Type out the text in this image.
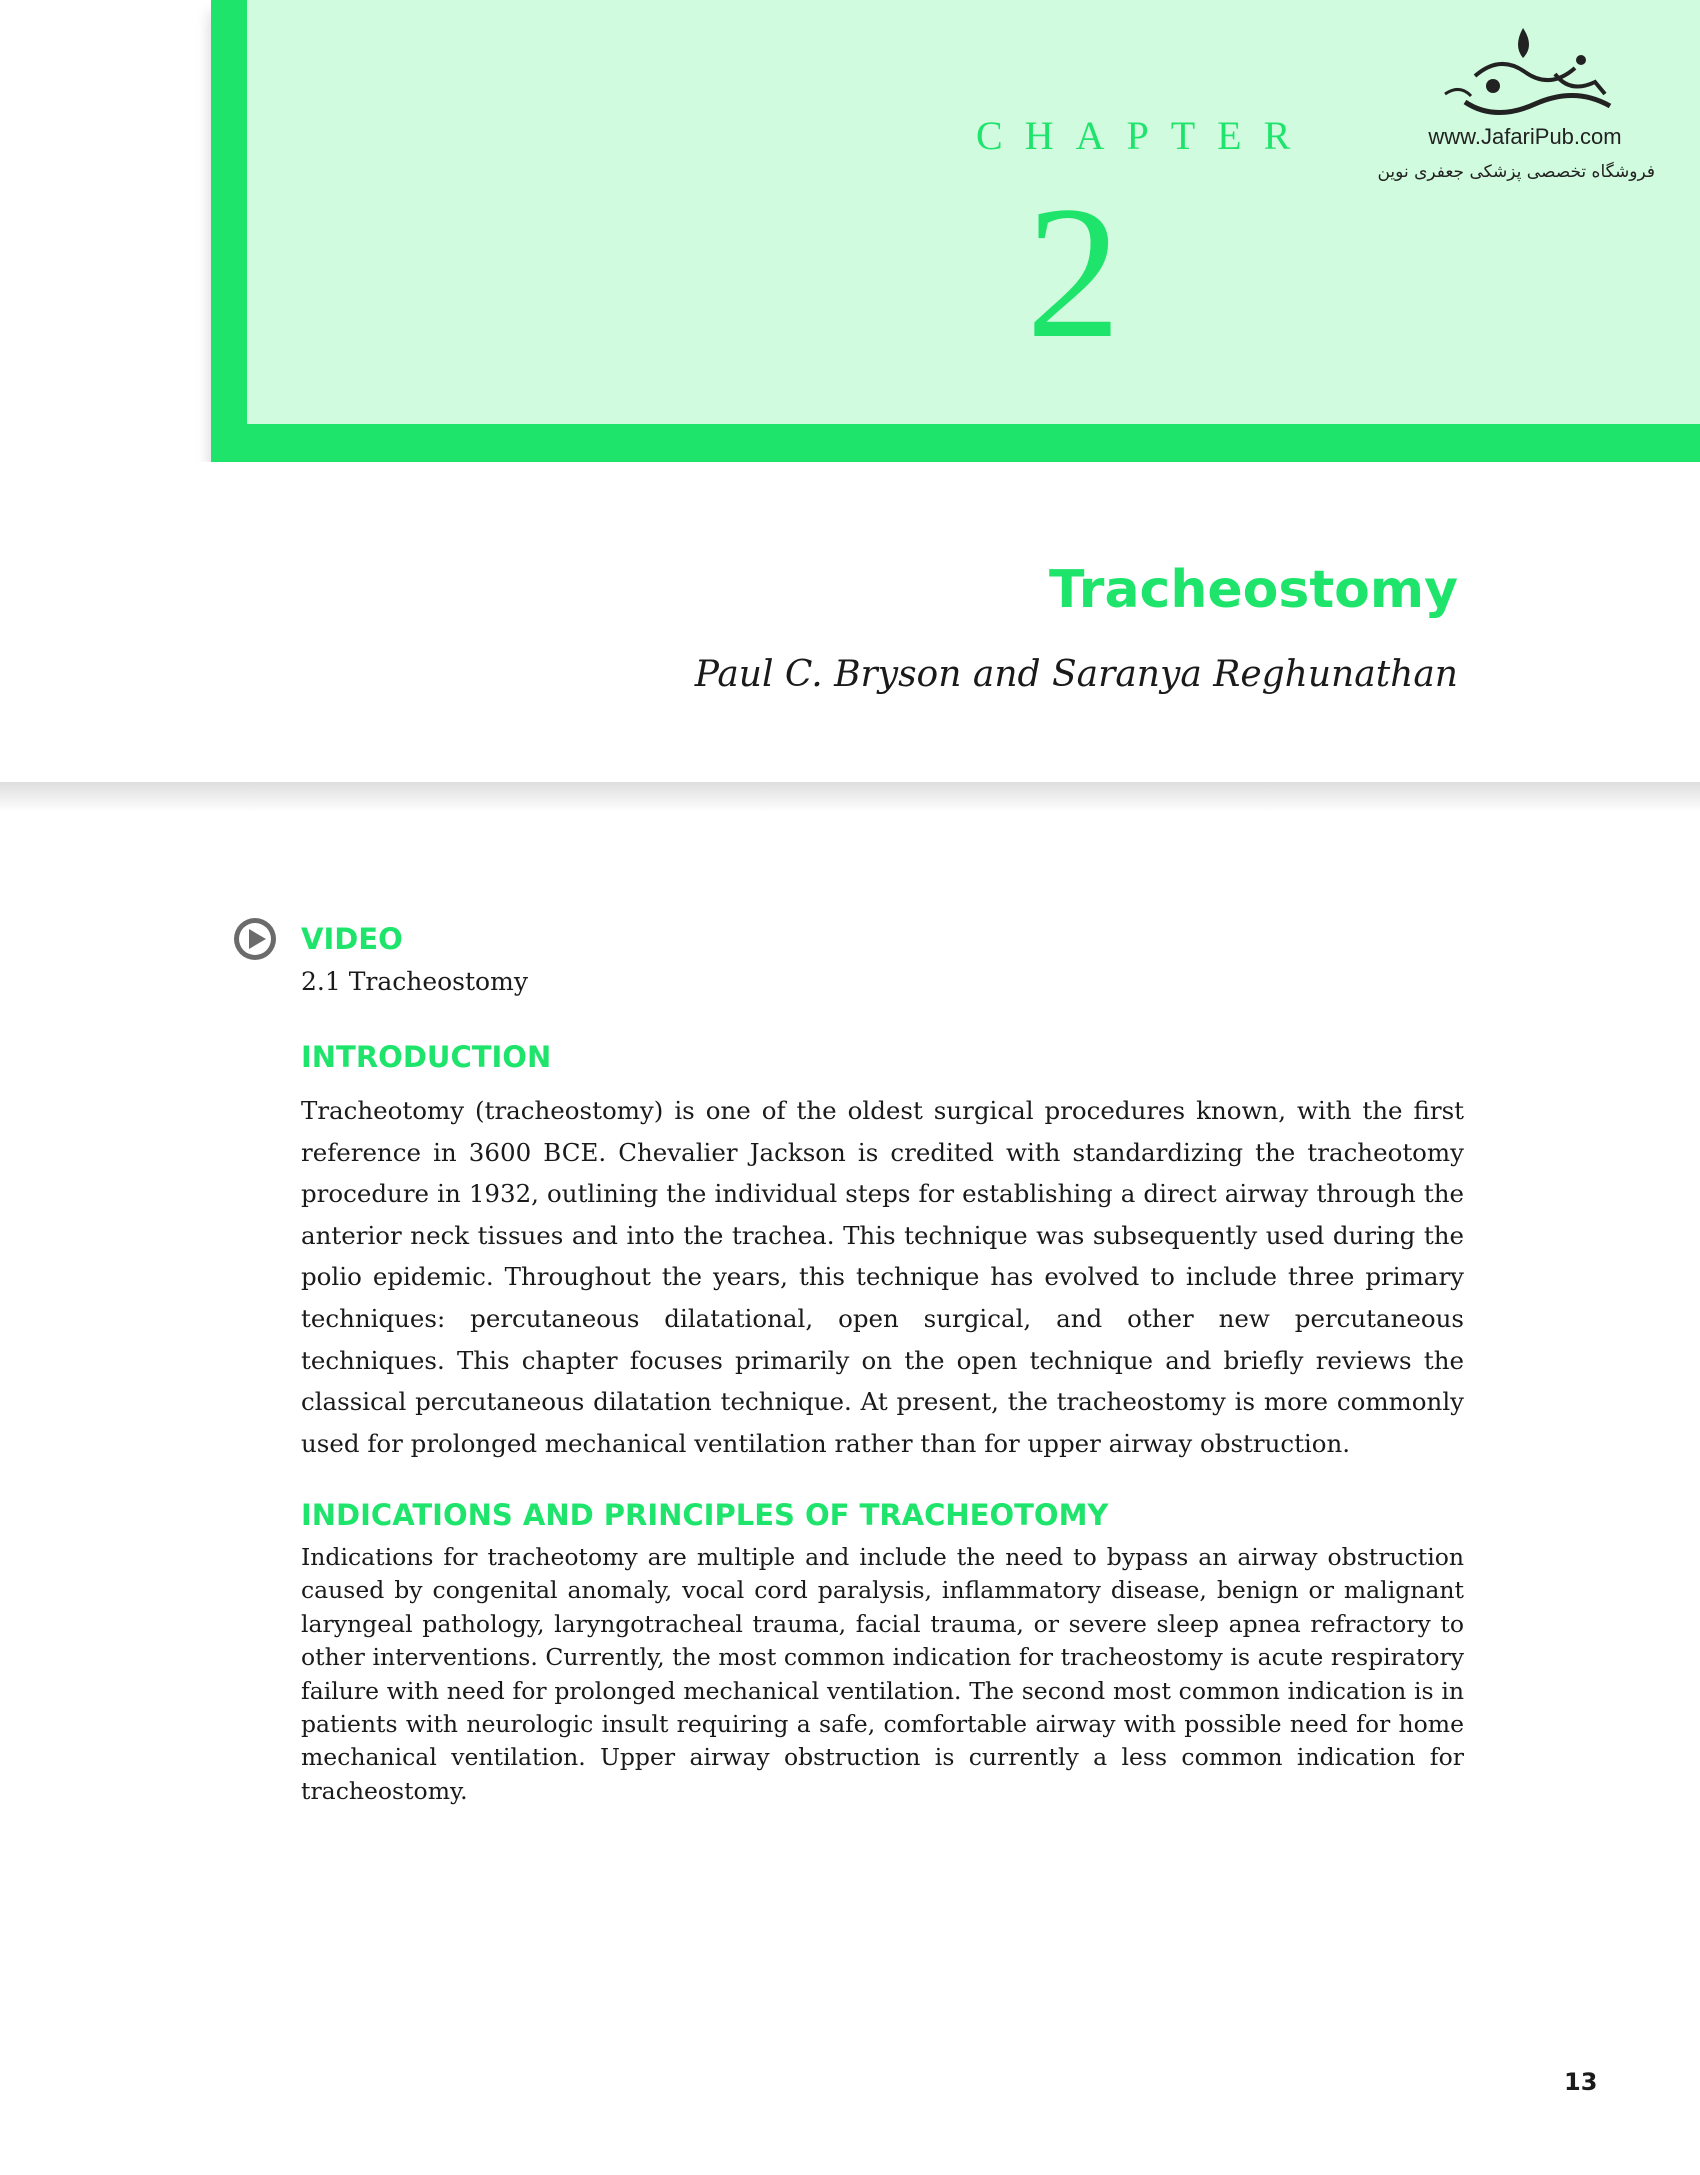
CHAPTER
2
www.JafariPub.com
فروشگاه تخصصی پزشکی جعفری نوین
Tracheostomy
Paul C. Bryson and Saranya Reghunathan
VIDEO
2.1 Tracheostomy
INTRODUCTION

Tracheotomy (tracheostomy) is one of the oldest surgical procedures known, with the first reference in 3600 BCE. Chevalier Jackson is credited with standardizing the tracheotomy procedure in 1932, outlining the individual steps for establishing a direct airway through the anterior neck tissues and into the trachea. This technique was subsequently used during the polio epidemic. Throughout the years, this technique has evolved to include three primary techniques: percutaneous dilatational, open surgical, and other new percutaneous techniques. This chapter focuses primarily on the open technique and briefly reviews the classical percutaneous dilatation technique. At present, the tracheostomy is more commonly used for prolonged mechanical ventilation rather than for upper airway obstruction.

INDICATIONS AND PRINCIPLES OF TRACHEOTOMY

Indications for tracheotomy are multiple and include the need to bypass an airway obstruction caused by congenital anomaly, vocal cord paralysis, inflammatory disease, benign or malignant laryngeal pathology, laryngotracheal trauma, facial trauma, or severe sleep apnea refractory to other interventions. Currently, the most common indication for tracheostomy is acute respiratory failure with need for prolonged mechanical ventilation. The second most common indication is in patients with neurologic insult requiring a safe, comfortable airway with possible need for home mechanical ventilation. Upper airway obstruction is currently a less common indication for tracheostomy.

13
